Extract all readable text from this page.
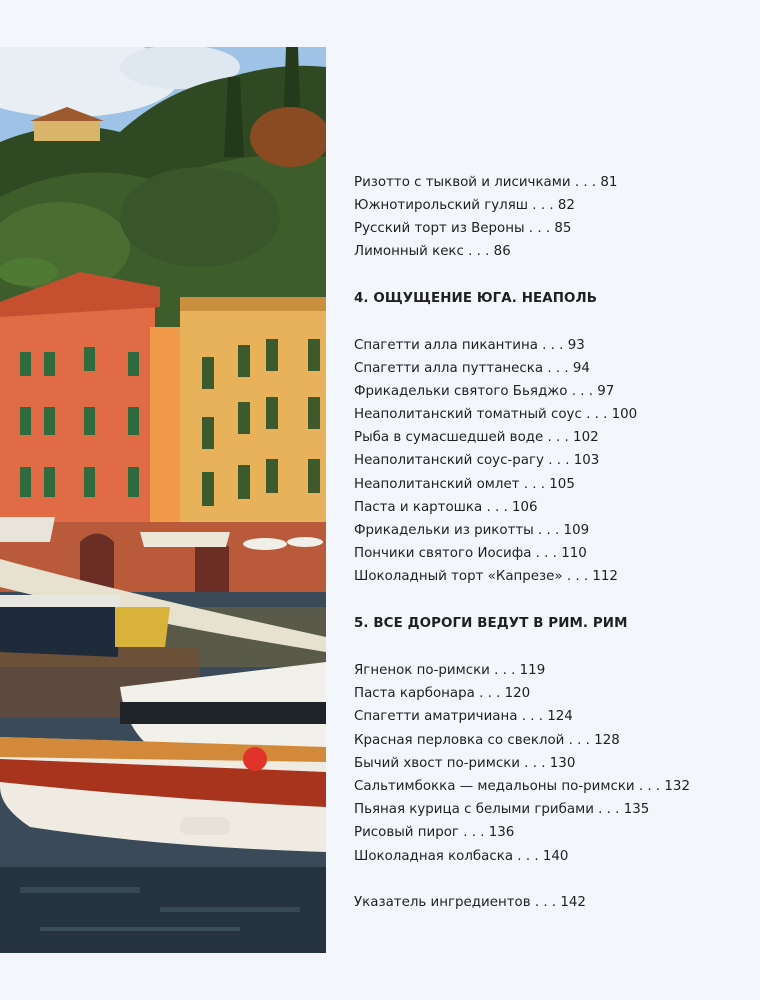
Ризотто с тыквой и лисичками . . . 81
Южнотирольский гуляш . . . 82
Русский торт из Вероны . . . 85
Лимонный кекс . . . 86
4. ОЩУЩЕНИЕ ЮГА. НЕАПОЛЬ
Спагетти алла пикантина . . . 93
Спагетти алла путтанеска . . . 94
Фрикадельки святого Бьяджо . . . 97
Неаполитанский томатный соус . . . 100
Рыба в сумасшедшей воде . . . 102
Неаполитанский соус-рагу . . . 103
Неаполитанский омлет . . . 105
Паста и картошка . . . 106
Фрикадельки из рикотты . . . 109
Пончики святого Иосифа . . . 110
Шоколадный торт «Капрезе» . . . 112
5. ВСЕ ДОРОГИ ВЕДУТ В РИМ. РИМ
Ягненок по-римски . . . 119
Паста карбонара . . . 120
Спагетти аматричиана . . . 124
Красная перловка со свеклой . . . 128
Бычий хвост по-римски . . . 130
Сальтимбокка — медальоны по-римски . . . 132
Пьяная курица с белыми грибами . . . 135
Рисовый пирог . . . 136
Шоколадная колбаска . . . 140
Указатель ингредиентов . . . 142
